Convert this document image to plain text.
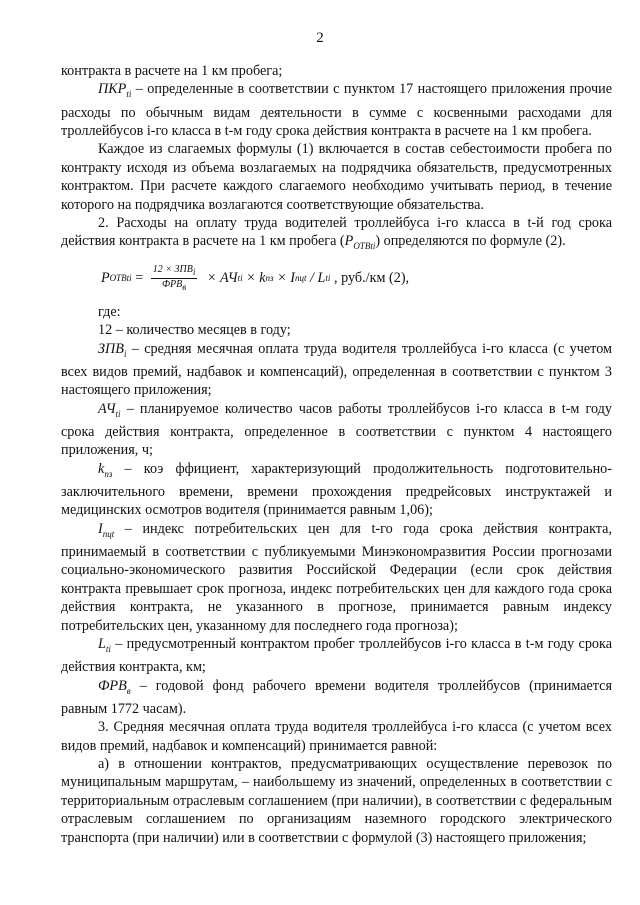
2

контракта в расчете на 1 км пробега;

$ПКР_{ti}$ – определенные в соответствии с пунктом 17 настоящего приложения прочие расходы по обычным видам деятельности в сумме с косвенными расходами для троллейбусов i-го класса в t-м году срока действия контракта в расчете на 1 км пробега.

Каждое из слагаемых формулы (1) включается в состав себестоимости пробега по контракту исходя из объема возлагаемых на подрядчика обязательств, предусмотренных контрактом. При расчете каждого слагаемого необходимо учитывать период, в течение которого на подрядчика возлагаются соответствующие обязательства.

2. Расходы на оплату труда водителей троллейбуса i-го класса в t-й год срока действия контракта в расчете на 1 км пробега $(P_{ОТВti})$ определяются по формуле (2).

P ОТВti = $\frac{12 \times ЗПВ_i}{ФРВ_в}$ × АЧ ti × k пз × I пцt / L ti , руб./км (2),

где:

12 – количество месяцев в году;

$ЗПВ_i$ – средняя месячная оплата труда водителя троллейбуса i-го класса (с учетом всех видов премий, надбавок и компенсаций), определенная в соответствии с пунктом 3 настоящего приложения;

$АЧ_{ti}$ – планируемое количество часов работы троллейбусов i-го класса в t-м году срока действия контракта, определенное в соответствии с пунктом 4 настоящего приложения, ч;

$k_{пз}$ – коэ ффициент, характеризующий продолжительность подготовительно-заключительного времени, времени прохождения предрейсовых инструктажей и медицинских осмотров водителя (принимается равным 1,06);

$I_{пцt}$ – индекс потребительских цен для t-го года срока действия контракта, принимаемый в соответствии с публикуемыми Минэкономразвития России прогнозами социально-экономического развития Российской Федерации (если срок действия контракта превышает срок прогноза, индекс потребительских цен для каждого года срока действия контракта, не указанного в прогнозе, принимается равным индексу потребительских цен, указанному для последнего года прогноза);

$L_{ti}$ – предусмотренный контрактом пробег троллейбусов i-го класса в t-м году срока действия контракта, км;

$ФРВ_в$ – годовой фонд рабочего времени водителя троллейбусов (принимается равным 1772 часам).

3. Средняя месячная оплата труда водителя троллейбуса i-го класса (с учетом всех видов премий, надбавок и компенсаций) принимается равной:

а) в отношении контрактов, предусматривающих осуществление перевозок по муниципальным маршрутам, – наибольшему из значений, определенных в соответствии с территориальным отраслевым соглашением (при наличии), в соответствии с федеральным отраслевым соглашением по организациям наземного городского электрического транспорта (при наличии) или в соответствии с формулой (3) настоящего приложения;
